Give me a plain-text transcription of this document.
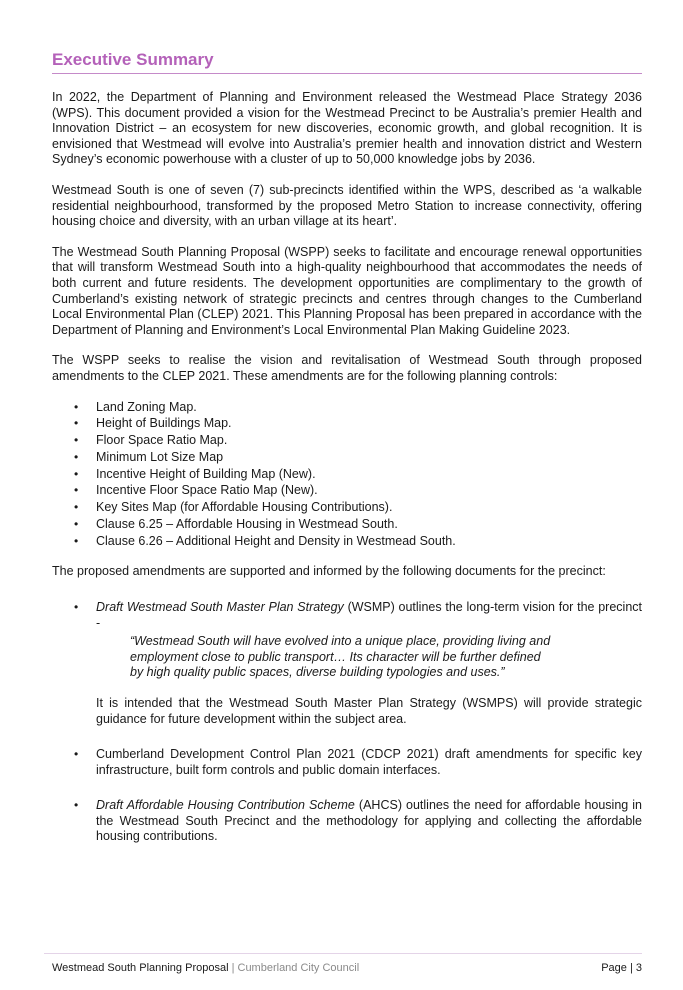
Executive Summary

In 2022, the Department of Planning and Environment released the Westmead Place Strategy 2036 (WPS). This document provided a vision for the Westmead Precinct to be Australia’s premier Health and Innovation District – an ecosystem for new discoveries, economic growth, and global recognition. It is envisioned that Westmead will evolve into Australia’s premier health and innovation district and Western Sydney’s economic powerhouse with a cluster of up to 50,000 knowledge jobs by 2036.

Westmead South is one of seven (7) sub-precincts identified within the WPS, described as ‘a walkable residential neighbourhood, transformed by the proposed Metro Station to increase connectivity, offering housing choice and diversity, with an urban village at its heart’.

The Westmead South Planning Proposal (WSPP) seeks to facilitate and encourage renewal opportunities that will transform Westmead South into a high-quality neighbourhood that accommodates the needs of both current and future residents. The development opportunities are complimentary to the growth of Cumberland’s existing network of strategic precincts and centres through changes to the Cumberland Local Environmental Plan (CLEP) 2021. This Planning Proposal has been prepared in accordance with the Department of Planning and Environment’s Local Environmental Plan Making Guideline 2023.

The WSPP seeks to realise the vision and revitalisation of Westmead South through proposed amendments to the CLEP 2021. These amendments are for the following planning controls:

• Land Zoning Map.
• Height of Buildings Map.
• Floor Space Ratio Map.
• Minimum Lot Size Map
• Incentive Height of Building Map (New).
• Incentive Floor Space Ratio Map (New).
• Key Sites Map (for Affordable Housing Contributions).
• Clause 6.25 – Affordable Housing in Westmead South.
• Clause 6.26 – Additional Height and Density in Westmead South.

The proposed amendments are supported and informed by the following documents for the precinct:

• Draft Westmead South Master Plan Strategy (WSMP) outlines the long-term vision for the precinct -
“Westmead South will have evolved into a unique place, providing living and
employment close to public transport… Its character will be further defined
by high quality public spaces, diverse building typologies and uses.”
It is intended that the Westmead South Master Plan Strategy (WSMPS) will provide strategic guidance for future development within the subject area.
• Cumberland Development Control Plan 2021 (CDCP 2021) draft amendments for specific key infrastructure, built form controls and public domain interfaces.
• Draft Affordable Housing Contribution Scheme (AHCS) outlines the need for affordable housing in the Westmead South Precinct and the methodology for applying and collecting the affordable housing contributions.
Westmead South Planning Proposal | Cumberland City Council	Page | 3
